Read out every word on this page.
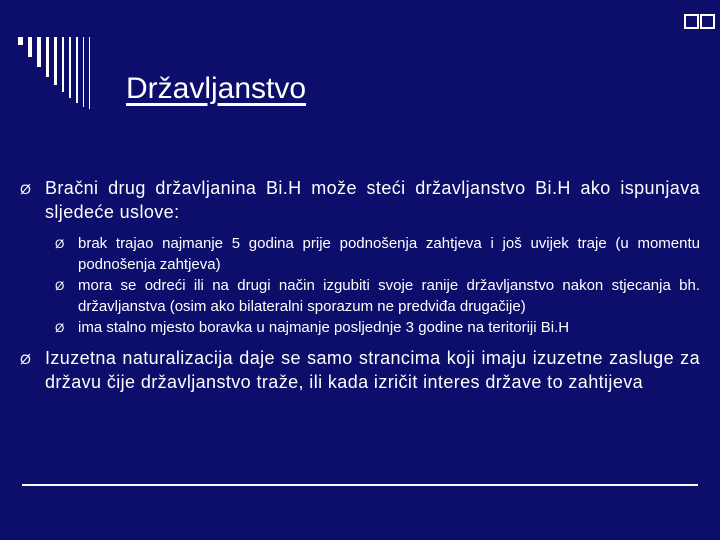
Državljanstvo
Ø Bračni drug državljanina Bi.H može steći državljanstvo Bi.H ako ispunjava sljedeće uslove:
Ø brak trajao najmanje 5 godina prije podnošenja zahtjeva i još uvijek traje (u momentu podnošenja zahtjeva)
Ø mora se odreći ili na drugi način izgubiti svoje ranije državljanstvo nakon stjecanja bh. državljanstva (osim ako bilateralni sporazum ne predviđa drugačije)
Ø ima stalno mjesto boravka u najmanje posljednje 3 godine na teritoriji Bi.H
Ø Izuzetna naturalizacija daje se samo strancima koji imaju izuzetne zasluge za državu čije državljanstvo traže, ili kada izričit interes države to zahtijeva
